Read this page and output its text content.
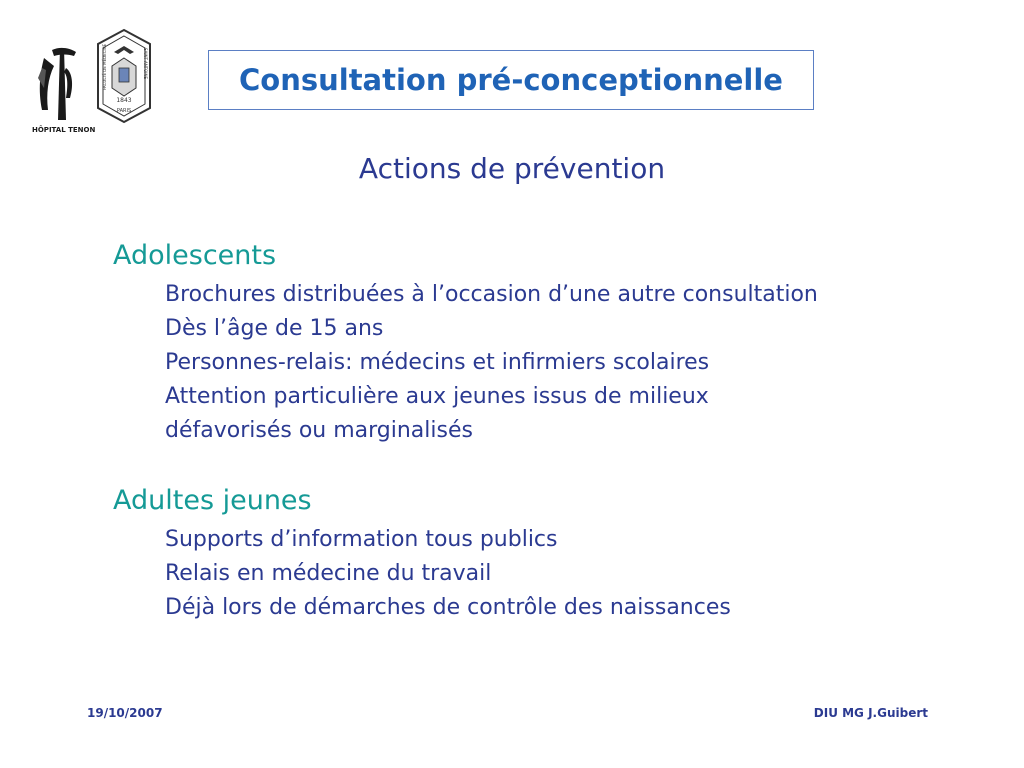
HÔPITAL TENON
1843
PARIS
FACULTÉ DE MÉDECINE	SAINT-ANTOINE	Consultation pré-conceptionnelle
Actions de prévention
Adolescents
Brochures distribuées à l’occasion d’une autre consultation
Dès l’âge de 15 ans
Personnes-relais: médecins et infirmiers scolaires
Attention particulière aux jeunes issus de milieux
défavorisés ou marginalisés
Adultes jeunes
Supports d’information tous publics
Relais en médecine du travail
Déjà lors de démarches de contrôle des naissances
19/10/2007	DIU MG J.Guibert
